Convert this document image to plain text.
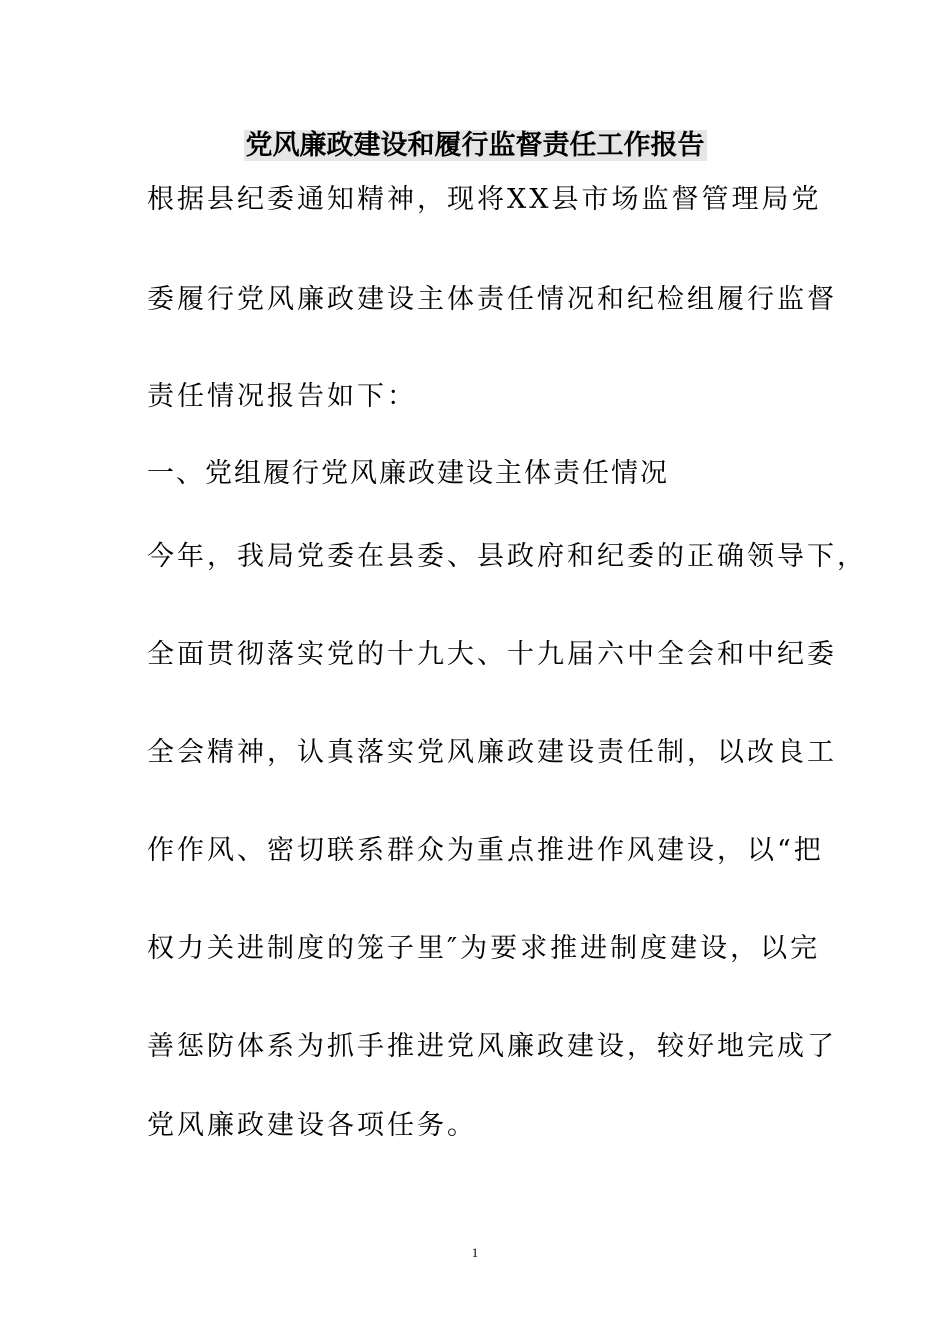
党风廉政建设和履行监督责任工作报告

根据县纪委通知精神，现将XX县市场监督管理局党

委履行党风廉政建设主体责任情况和纪检组履行监督

责任情况报告如下：

一、党组履行党风廉政建设主体责任情况

今年，我局党委在县委、县政府和纪委的正确领导下，

全面贯彻落实党的十九大、十九届六中全会和中纪委

全会精神，认真落实党风廉政建设责任制，以改良工

作作风、密切联系群众为重点推进作风建设，以“把

权力关进制度的笼子里″为要求推进制度建设，以完

善惩防体系为抓手推进党风廉政建设，较好地完成了

党风廉政建设各项任务。

1
